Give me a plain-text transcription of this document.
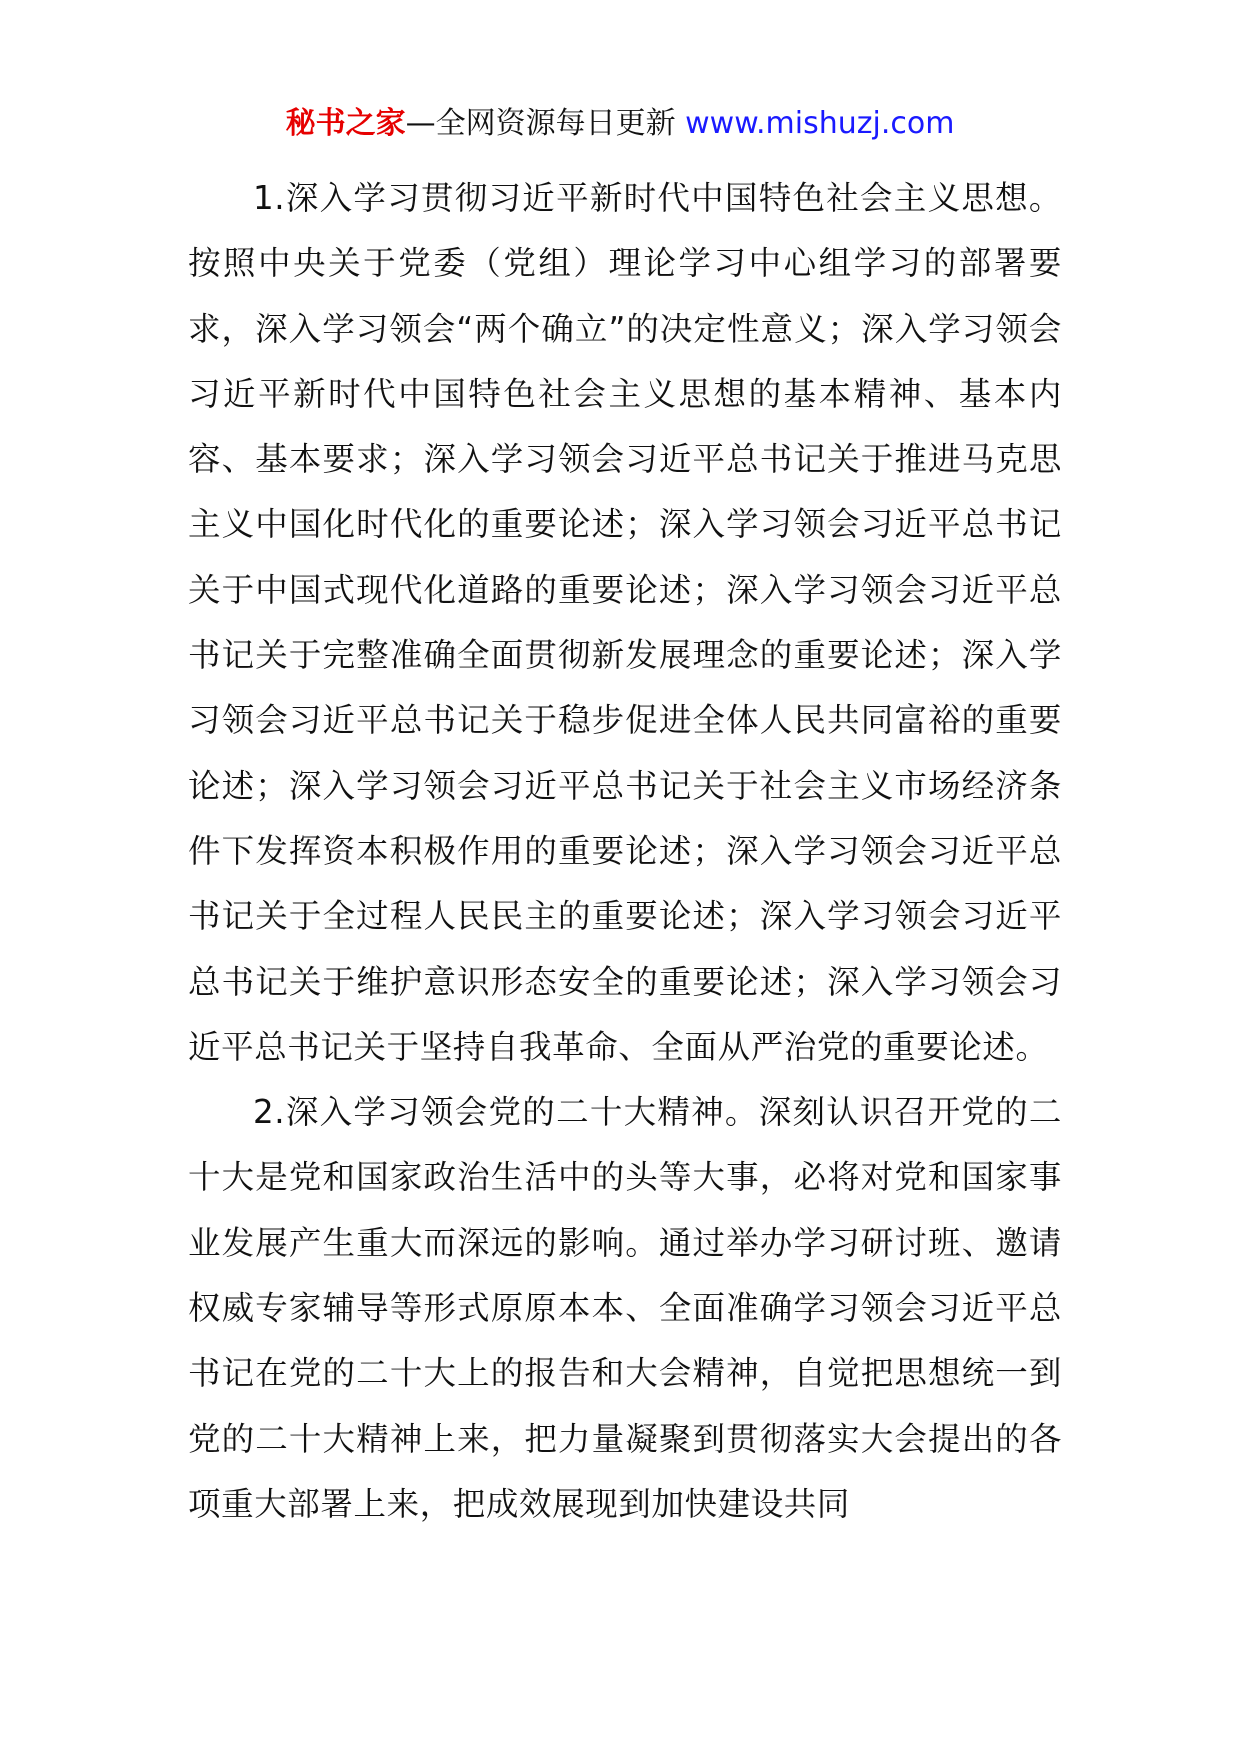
秘书之家—全网资源每日更新 www.mishuzj.com

1.深入学习贯彻习近平新时代中国特色社会主义思想。按照中央关于党委（党组）理论学习中心组学习的部署要求，深入学习领会“两个确立”的决定性意义；深入学习领会习近平新时代中国特色社会主义思想的基本精神、基本内容、基本要求；深入学习领会习近平总书记关于推进马克思主义中国化时代化的重要论述；深入学习领会习近平总书记关于中国式现代化道路的重要论述；深入学习领会习近平总书记关于完整准确全面贯彻新发展理念的重要论述；深入学习领会习近平总书记关于稳步促进全体人民共同富裕的重要论述；深入学习领会习近平总书记关于社会主义市场经济条件下发挥资本积极作用的重要论述；深入学习领会习近平总书记关于全过程人民民主的重要论述；深入学习领会习近平总书记关于维护意识形态安全的重要论述；深入学习领会习近平总书记关于坚持自我革命、全面从严治党的重要论述。

2.深入学习领会党的二十大精神。深刻认识召开党的二十大是党和国家政治生活中的头等大事，必将对党和国家事业发展产生重大而深远的影响。通过举办学习研讨班、邀请权威专家辅导等形式原原本本、全面准确学习领会习近平总书记在党的二十大上的报告和大会精神，自觉把思想统一到党的二十大精神上来，把力量凝聚到贯彻落实大会提出的各项重大部署上来，把成效展现到加快建设共同
